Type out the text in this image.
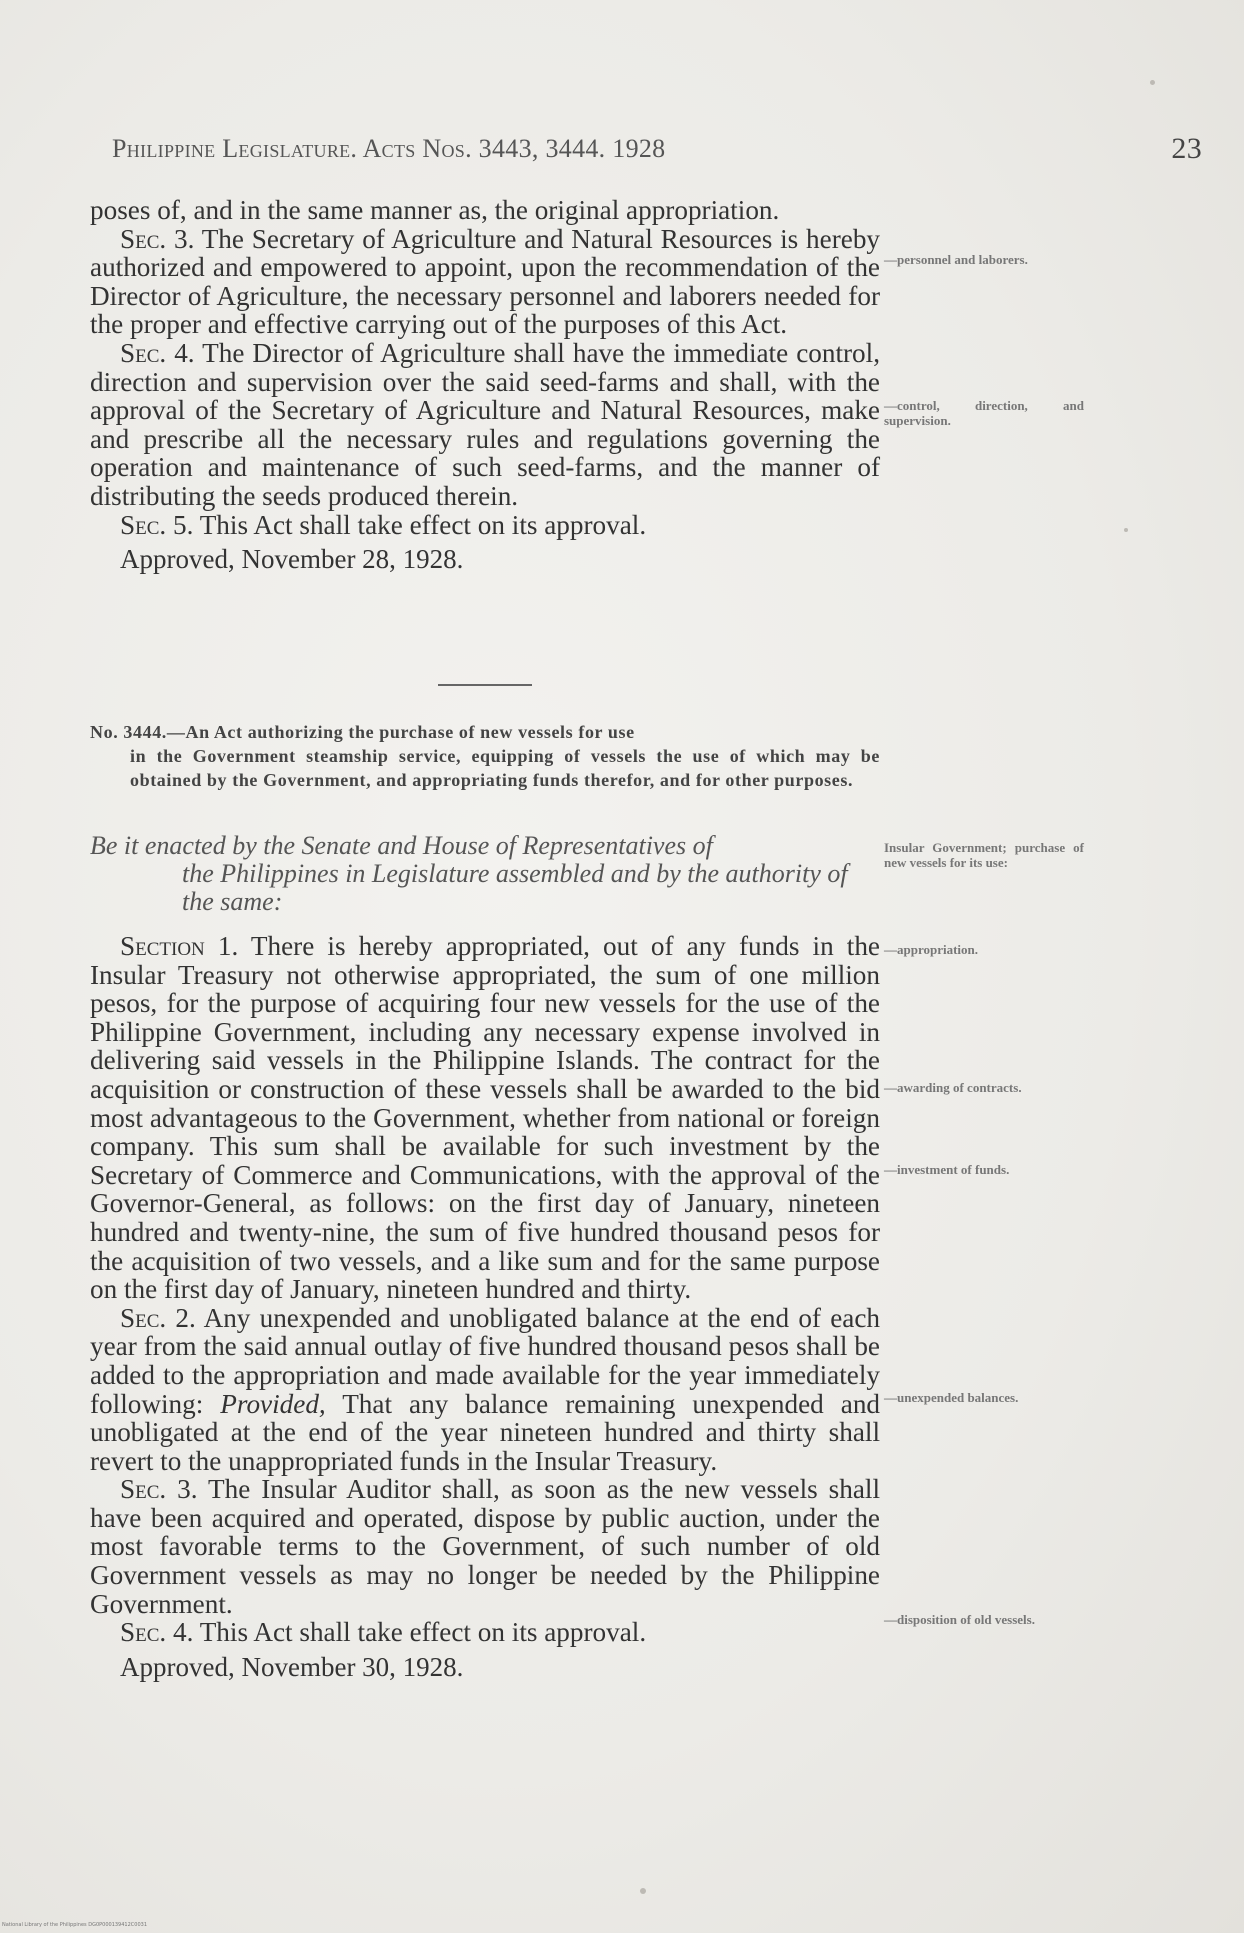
Philippine Legislature. Acts Nos. 3443, 3444. 1928	23

poses of, and in the same manner as, the original appropriation.

Sec. 3. The Secretary of Agriculture and Natural Resources is hereby authorized and empowered to appoint, upon the recommendation of the Director of Agriculture, the necessary personnel and laborers needed for the proper and effective carrying out of the purposes of this Act.

Sec. 4. The Director of Agriculture shall have the immediate control, direction and supervision over the said seed-farms and shall, with the approval of the Secretary of Agriculture and Natural Resources, make and prescribe all the necessary rules and regulations governing the operation and maintenance of such seed-farms, and the manner of distributing the seeds produced therein.

Sec. 5. This Act shall take effect on its approval.

Approved, November 28, 1928.

No. 3444.—An Act authorizing the purchase of new vessels for use
in the Government steamship service, equipping of vessels the use of which may be obtained by the Government, and appropriating funds therefor, and for other purposes.
Be it enacted by the Senate and House of Representatives of
the Philippines in Legislature assembled and by the authority of the same:

Section 1. There is hereby appropriated, out of any funds in the Insular Treasury not otherwise appropriated, the sum of one million pesos, for the purpose of acquiring four new vessels for the use of the Philippine Government, including any necessary expense involved in delivering said vessels in the Philippine Islands. The contract for the acquisition or construction of these vessels shall be awarded to the bid most advantageous to the Government, whether from national or foreign company. This sum shall be available for such investment by the Secretary of Commerce and Communications, with the approval of the Governor-General, as follows: on the first day of January, nineteen hundred and twenty-nine, the sum of five hundred thousand pesos for the acquisition of two vessels, and a like sum and for the same purpose on the first day of January, nineteen hundred and thirty.

Sec. 2. Any unexpended and unobligated balance at the end of each year from the said annual outlay of five hundred thousand pesos shall be added to the appropriation and made available for the year immediately following: Provided, That any balance remaining unexpended and unobligated at the end of the year nineteen hundred and thirty shall revert to the unappropriated funds in the Insular Treasury.

Sec. 3. The Insular Auditor shall, as soon as the new vessels shall have been acquired and operated, dispose by public auction, under the most favorable terms to the Government, of such number of old Government vessels as may no longer be needed by the Philippine Government.

Sec. 4. This Act shall take effect on its approval.

Approved, November 30, 1928.

—personnel and laborers.
—control, direction, and supervision.
Insular Government; purchase of new vessels for its use:
—appropriation.
—awarding of contracts.
—investment of funds.
—unexpended balances.
—disposition of old vessels.
National Library of the Philippines DG0P000139412C0031
